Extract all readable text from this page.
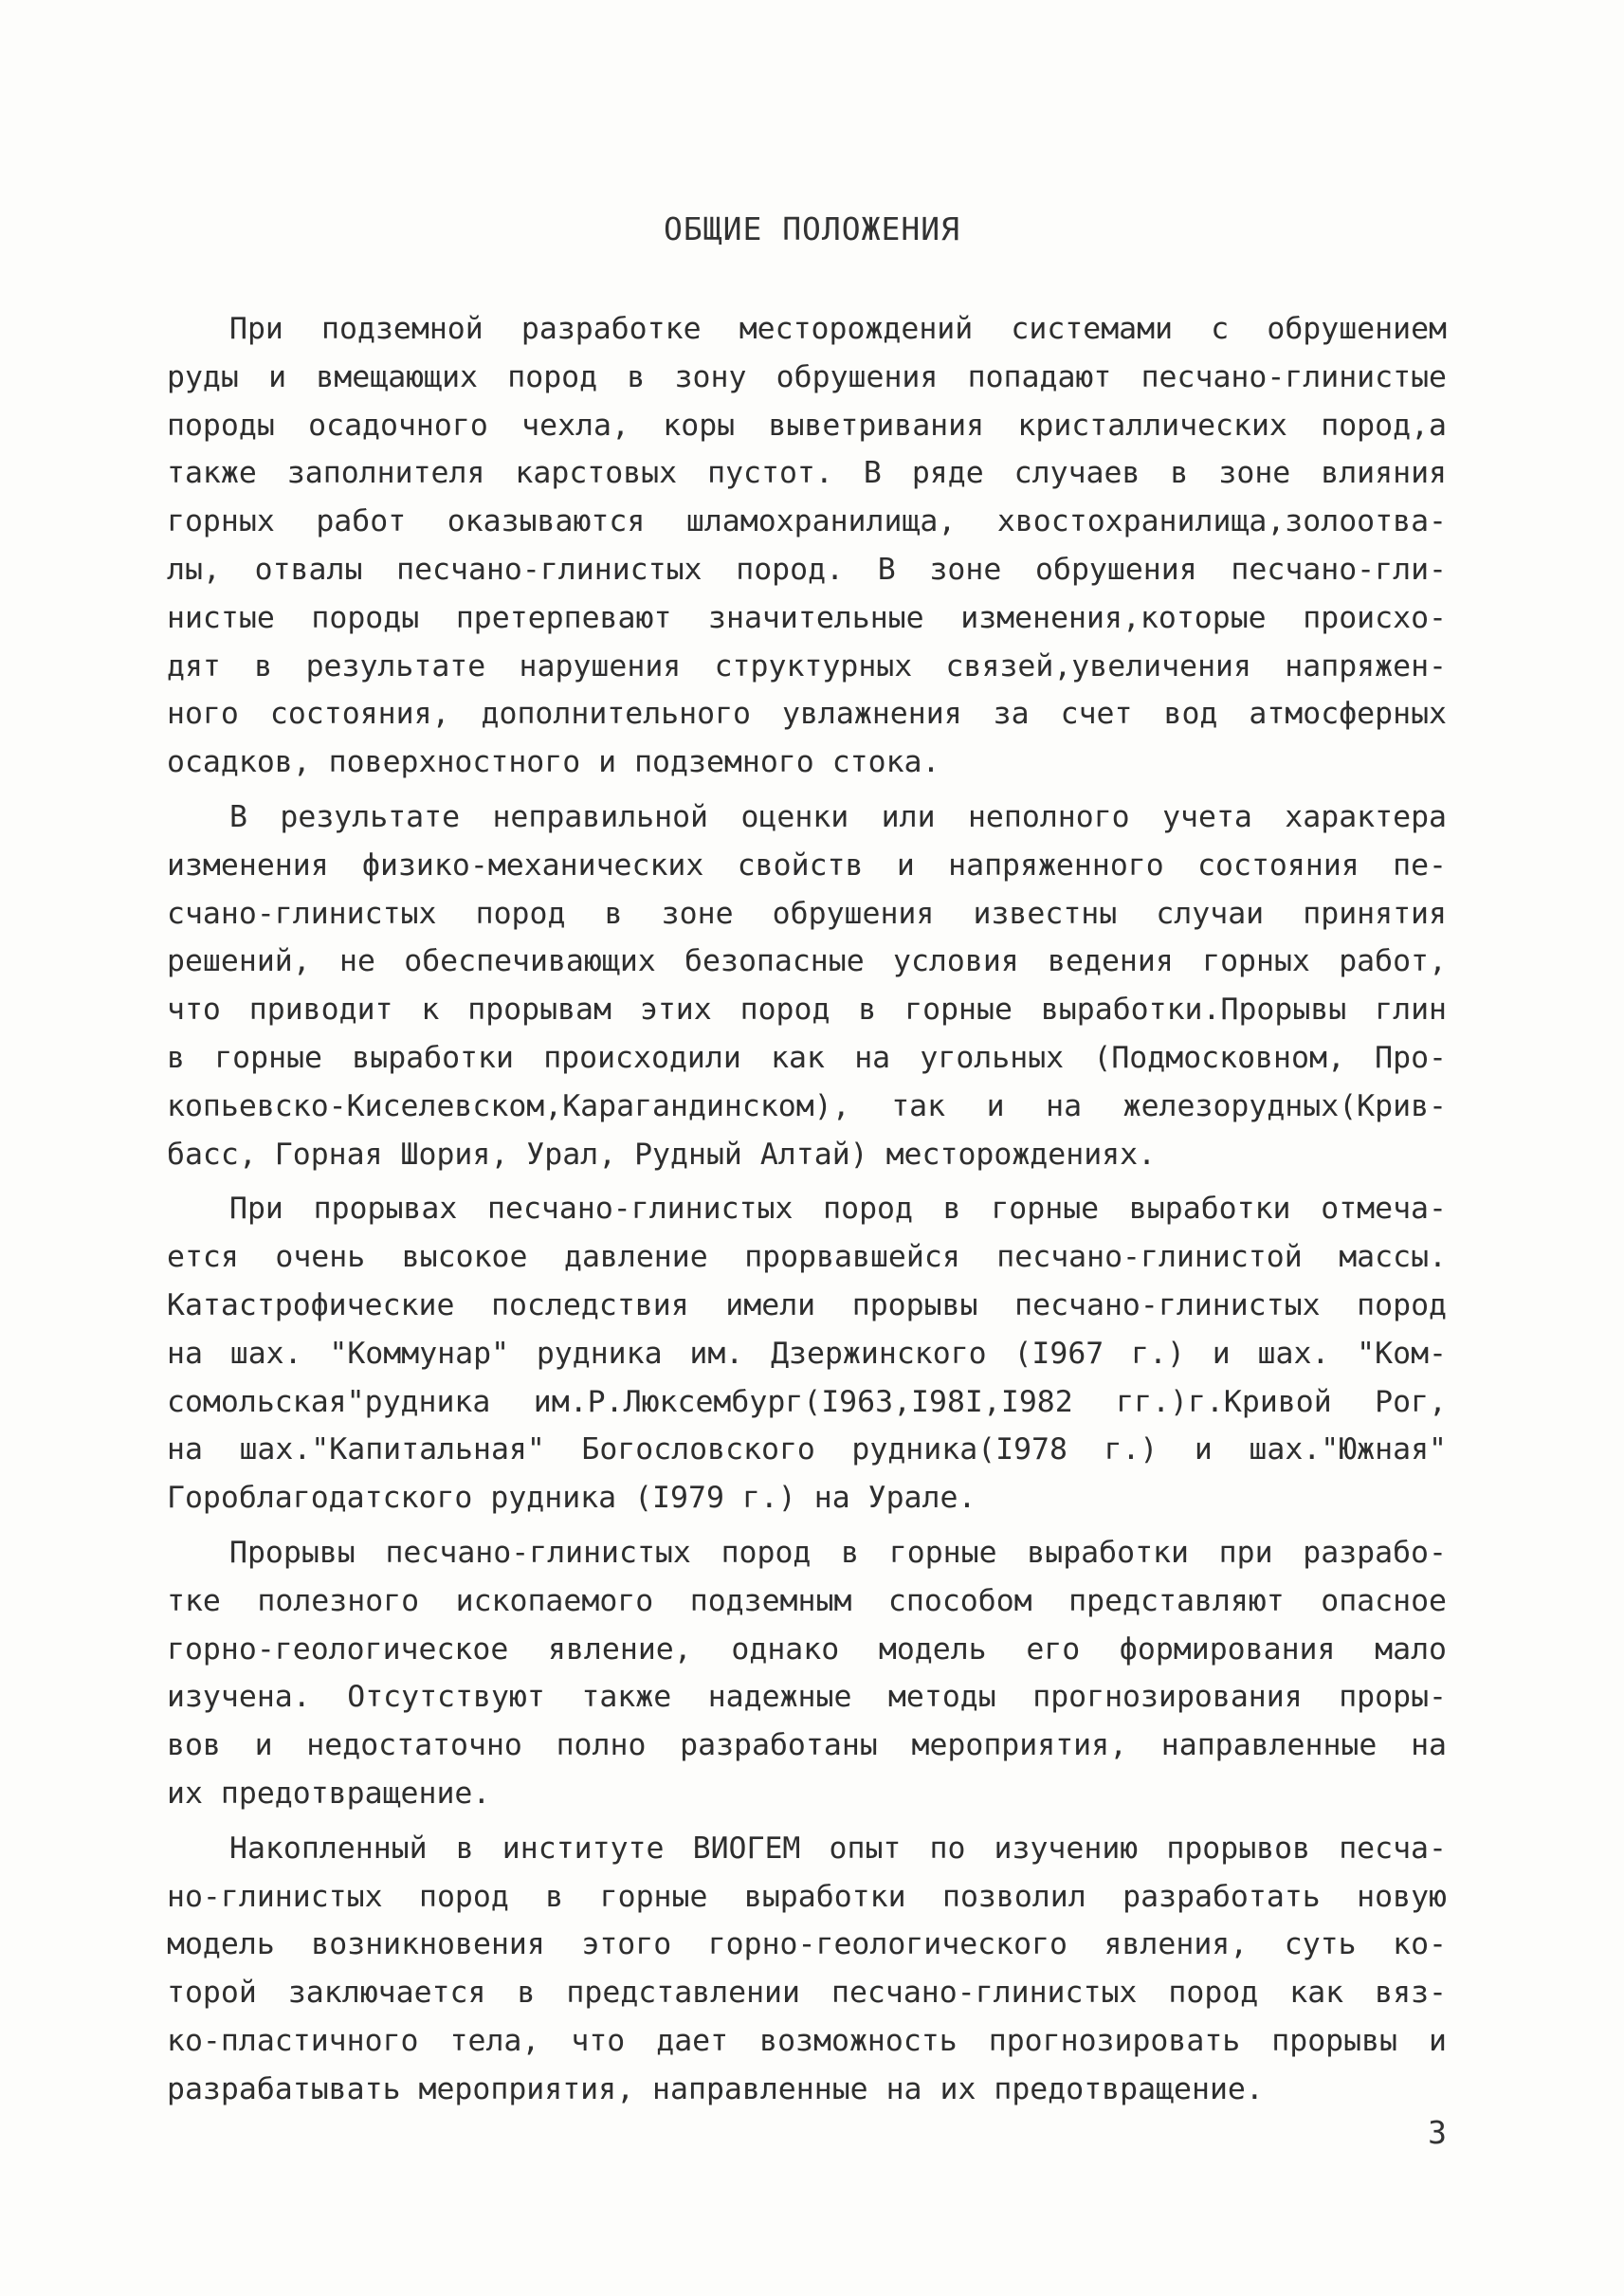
ОБЩИЕ ПОЛОЖЕНИЯ
При подземной разработке месторождений системами с обрушением
руды и вмещающих пород в зону обрушения попадают песчано-глинистые
породы осадочного чехла, коры выветривания кристаллических пород,а
также заполнителя карстовых пустот. В ряде случаев в зоне влияния
горных работ оказываются шламохранилища, хвостохранилища,золоотва-
лы, отвалы песчано-глинистых пород. В зоне обрушения песчано-гли-
нистые породы претерпевают значительные изменения,которые происхо-
дят в результате нарушения структурных связей,увеличения напряжен-
ного состояния, дополнительного увлажнения за счет вод атмосферных
осадков, поверхностного и подземного стока.
В результате неправильной оценки или неполного учета характера
изменения физико-механических свойств и напряженного состояния пе-
счано-глинистых пород в зоне обрушения известны случаи принятия
решений, не обеспечивающих безопасные условия ведения горных работ,
что приводит к прорывам этих пород в горные выработки.Прорывы глин
в горные выработки происходили как на угольных (Подмосковном, Про-
копьевско-Киселевском,Карагандинском), так и на железорудных(Крив-
басс, Горная Шория, Урал, Рудный Алтай) месторождениях.
При прорывах песчано-глинистых пород в горные выработки отмеча-
ется очень высокое давление прорвавшейся песчано-глинистой массы.
Катастрофические последствия имели прорывы песчано-глинистых пород
на шах. "Коммунар" рудника им. Дзержинского (I967 г.) и шах. "Ком-
сомольская"рудника им.Р.Люксембург(I963,I98I,I982 гг.)г.Кривой Рог,
на шах."Капитальная" Богословского рудника(I978 г.) и шах."Южная"
Гороблагодатского рудника (I979 г.) на Урале.
Прорывы песчано-глинистых пород в горные выработки при разрабо-
тке полезного ископаемого подземным способом представляют опасное
горно-геологическое явление, однако модель его формирования мало
изучена. Отсутствуют также надежные методы прогнозирования проры-
вов и недостаточно полно разработаны мероприятия, направленные на
их предотвращение.
Накопленный в институте ВИОГЕМ опыт по изучению прорывов песча-
но-глинистых пород в горные выработки позволил разработать новую
модель возникновения этого горно-геологического явления, суть ко-
торой заключается в представлении песчано-глинистых пород как вяз-
ко-пластичного тела, что дает возможность прогнозировать прорывы и
разрабатывать мероприятия, направленные на их предотвращение.
3
